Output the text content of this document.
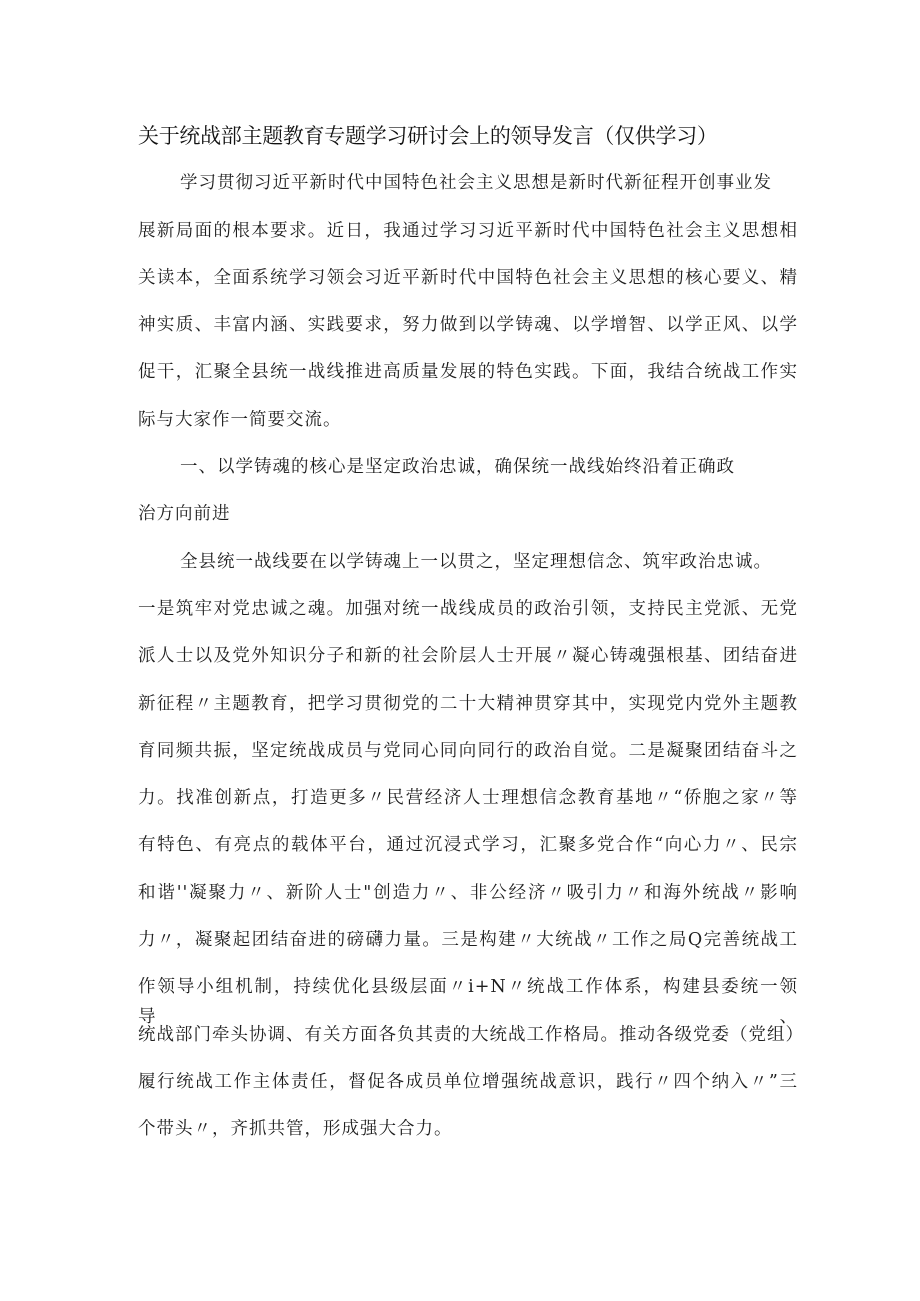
关于统战部主题教育专题学习研讨会上的领导发言（仅供学习）
学习贯彻习近平新时代中国特色社会主义思想是新时代新征程开创事业发
展新局面的根本要求。近日，我通过学习习近平新时代中国特色社会主义思想相
关读本，全面系统学习领会习近平新时代中国特色社会主义思想的核心要义、精
神实质、丰富内涵、实践要求，努力做到以学铸魂、以学增智、以学正风、以学
促干，汇聚全县统一战线推进高质量发展的特色实践。下面，我结合统战工作实
际与大家作一简要交流。
一、以学铸魂的核心是坚定政治忠诚，确保统一战线始终沿着正确政
治方向前进
全县统一战线要在以学铸魂上一以贯之，坚定理想信念、筑牢政治忠诚。
一是筑牢对党忠诚之魂。加强对统一战线成员的政治引领，支持民主党派、无党
派人士以及党外知识分子和新的社会阶层人士开展〃凝心铸魂强根基、团结奋进
新征程〃主题教育，把学习贯彻党的二十大精神贯穿其中，实现党内党外主题教
育同频共振，坚定统战成员与党同心同向同行的政治自觉。二是凝聚团结奋斗之
力。找准创新点，打造更多〃民营经济人士理想信念教育基地〃“侨胞之家〃等
有特色、有亮点的载体平台，通过沉浸式学习，汇聚多党合作“向心力〃、民宗
和谐''凝聚力〃、新阶人士"创造力〃、非公经济〃吸引力〃和海外统战〃影响
力〃，凝聚起团结奋进的磅礴力量。三是构建〃大统战〃工作之局Q完善统战工
作领导小组机制，持续优化县级层面〃i+N〃统战工作体系，构建县委统一领导、
统战部门牵头协调、有关方面各负其责的大统战工作格局。推动各级党委（党组）
履行统战工作主体责任，督促各成员单位增强统战意识，践行〃四个纳入〃”三
个带头〃，齐抓共管，形成强大合力。
